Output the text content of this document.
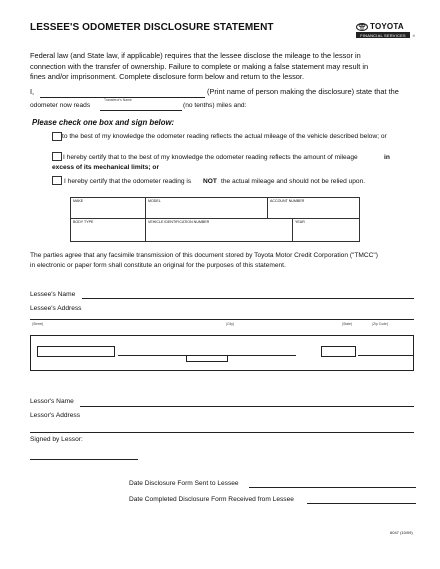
LESSEE'S ODOMETER DISCLOSURE STATEMENT	TOYOTA
FINANCIAL SERVICES	®
Federal law (and State law, if applicable) requires that the lessee disclose the mileage to the lessor in
connection with the transfer of ownership. Failure to complete or making a false statement may result in
fines and/or imprisonment. Complete disclosure form below and return to the lessor.
I,
Transferor's Name
(Print name of person making the disclosure) state that the
odometer now reads	(no tenths) miles and:
Please check one box and sign below:
to the best of my knowledge the odometer reading reflects the actual mileage of the vehicle described below; or
I hereby certify that to the best of my knowledge the odometer reading reflects the amount of mileage	in
excess of its mechanical limits; or
I hereby certify that the odometer reading is NOT the actual mileage and should not be relied upon.
MAKE	MODEL	ACCOUNT NUMBER
BODY TYPE	VEHICLE IDENTIFICATION NUMBER	YEAR
The parties agree that any facsimile transmission of this document stored by Toyota Motor Credit Corporation ("TMCC")
in electronic or paper form shall constitute an original for the purposes of this statement.
Lessee's Name
Lessee's Address
(Street)	(City)	(State)	(Zip Code)
Lessor's Name
Lessor's Address
Signed by Lessor:
Date Disclosure Form Sent to Lessee
Date Completed Disclosure Form Received from Lessee
6047 (10/09)
